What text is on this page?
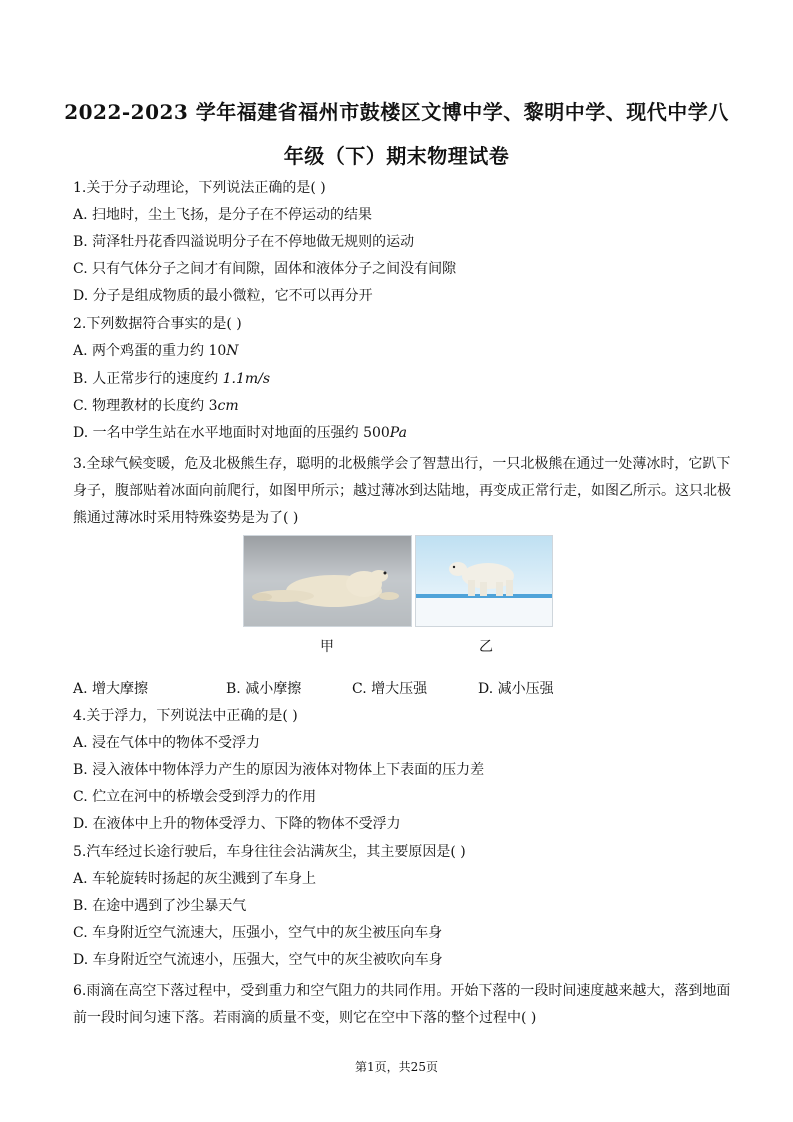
2022-2023 学年福建省福州市鼓楼区文博中学、黎明中学、现代中学八
年级（下）期末物理试卷
1.关于分子动理论，下列说法正确的是( )
A. 扫地时，尘土飞扬，是分子在不停运动的结果
B. 菏泽牡丹花香四溢说明分子在不停地做无规则的运动
C. 只有气体分子之间才有间隙，固体和液体分子之间没有间隙
D. 分子是组成物质的最小微粒，它不可以再分开
2.下列数据符合事实的是( )
A. 两个鸡蛋的重力约 10N
B. 人正常步行的速度约 1.1m/s
C. 物理教材的长度约 3cm
D. 一名中学生站在水平地面时对地面的压强约 500Pa
3.全球气候变暖，危及北极熊生存，聪明的北极熊学会了智慧出行，一只北极熊在通过一处薄冰时，它趴下身子，腹部贴着冰面向前爬行，如图甲所示；越过薄冰到达陆地，再变成正常行走，如图乙所示。这只北极熊通过薄冰时采用特殊姿势是为了( )
甲	乙
A. 增大摩擦	B. 减小摩擦	C. 增大压强	D. 减小压强
4.关于浮力，下列说法中正确的是( )
A. 浸在气体中的物体不受浮力
B. 浸入液体中物体浮力产生的原因为液体对物体上下表面的压力差
C. 伫立在河中的桥墩会受到浮力的作用
D. 在液体中上升的物体受浮力、下降的物体不受浮力
5.汽车经过长途行驶后，车身往往会沾满灰尘，其主要原因是( )
A. 车轮旋转时扬起的灰尘溅到了车身上
B. 在途中遇到了沙尘暴天气
C. 车身附近空气流速大，压强小，空气中的灰尘被压向车身
D. 车身附近空气流速小，压强大，空气中的灰尘被吹向车身
6.雨滴在高空下落过程中，受到重力和空气阻力的共同作用。开始下落的一段时间速度越来越大，落到地面前一段时间匀速下落。若雨滴的质量不变，则它在空中下落的整个过程中( )
第1页，共25页
